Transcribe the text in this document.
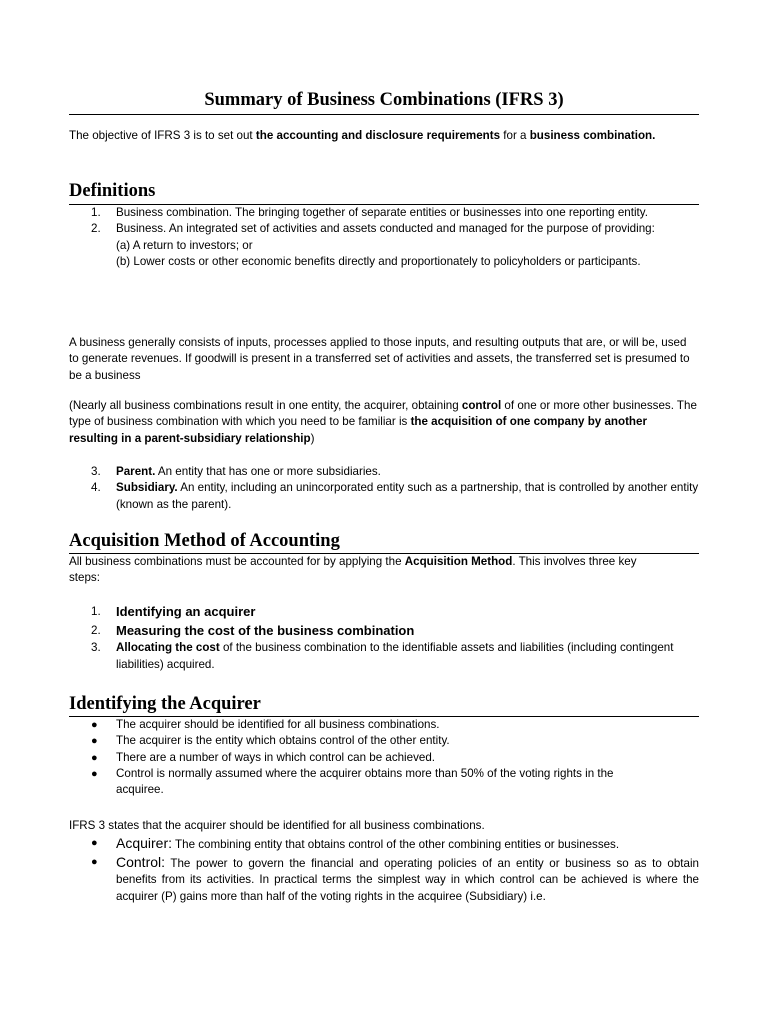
Summary of Business Combinations (IFRS 3)
The objective of IFRS 3 is to set out the accounting and disclosure requirements for a business combination.
Definitions
1. Business combination. The bringing together of separate entities or businesses into one reporting entity.
2. Business. An integrated set of activities and assets conducted and managed for the purpose of providing:
(a) A return to investors; or
(b) Lower costs or other economic benefits directly and proportionately to policyholders or participants.
A business generally consists of inputs, processes applied to those inputs, and resulting outputs that are, or will be, used to generate revenues. If goodwill is present in a transferred set of activities and assets, the transferred set is presumed to be a business
(Nearly all business combinations result in one entity, the acquirer, obtaining control of one or more other businesses. The type of business combination with which you need to be familiar is the acquisition of one company by another resulting in a parent-subsidiary relationship)
3. Parent. An entity that has one or more subsidiaries.
4. Subsidiary. An entity, including an unincorporated entity such as a partnership, that is controlled by another entity (known as the parent).
Acquisition Method of Accounting
All business combinations must be accounted for by applying the Acquisition Method. This involves three key steps:
1. Identifying an acquirer
2. Measuring the cost of the business combination
3. Allocating the cost of the business combination to the identifiable assets and liabilities (including contingent liabilities) acquired.
Identifying the Acquirer
● The acquirer should be identified for all business combinations.
● The acquirer is the entity which obtains control of the other entity.
● There are a number of ways in which control can be achieved.
● Control is normally assumed where the acquirer obtains more than 50% of the voting rights in the acquiree.
IFRS 3 states that the acquirer should be identified for all business combinations.
● Acquirer: The combining entity that obtains control of the other combining entities or businesses.
● Control: The power to govern the financial and operating policies of an entity or business so as to obtain benefits from its activities. In practical terms the simplest way in which control can be achieved is where the acquirer (P) gains more than half of the voting rights in the acquiree (Subsidiary) i.e.
